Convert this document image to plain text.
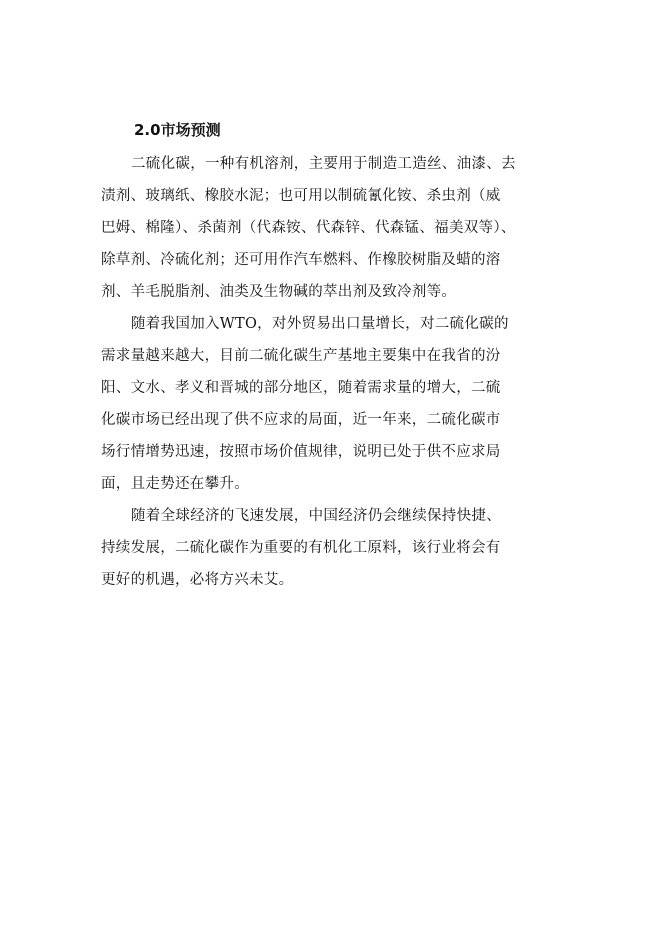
2.0市场预测
二硫化碳，一种有机溶剂，主要用于制造工造丝、油漆、去
渍剂、玻璃纸、橡胶水泥；也可用以制硫氰化铵、杀虫剂（威
巴姆、棉隆）、杀菌剂（代森铵、代森锌、代森锰、福美双等）、
除草剂、冷硫化剂；还可用作汽车燃料、作橡胶树脂及蜡的溶
剂、羊毛脱脂剂、油类及生物碱的萃出剂及致冷剂等。
随着我国加入WTO，对外贸易出口量增长，对二硫化碳的
需求量越来越大，目前二硫化碳生产基地主要集中在我省的汾
阳、文水、孝义和晋城的部分地区，随着需求量的增大，二硫
化碳市场已经出现了供不应求的局面，近一年来，二硫化碳市
场行情增势迅速，按照市场价值规律，说明已处于供不应求局
面，且走势还在攀升。
随着全球经济的飞速发展，中国经济仍会继续保持快捷、
持续发展，二硫化碳作为重要的有机化工原料，该行业将会有
更好的机遇，必将方兴未艾。
